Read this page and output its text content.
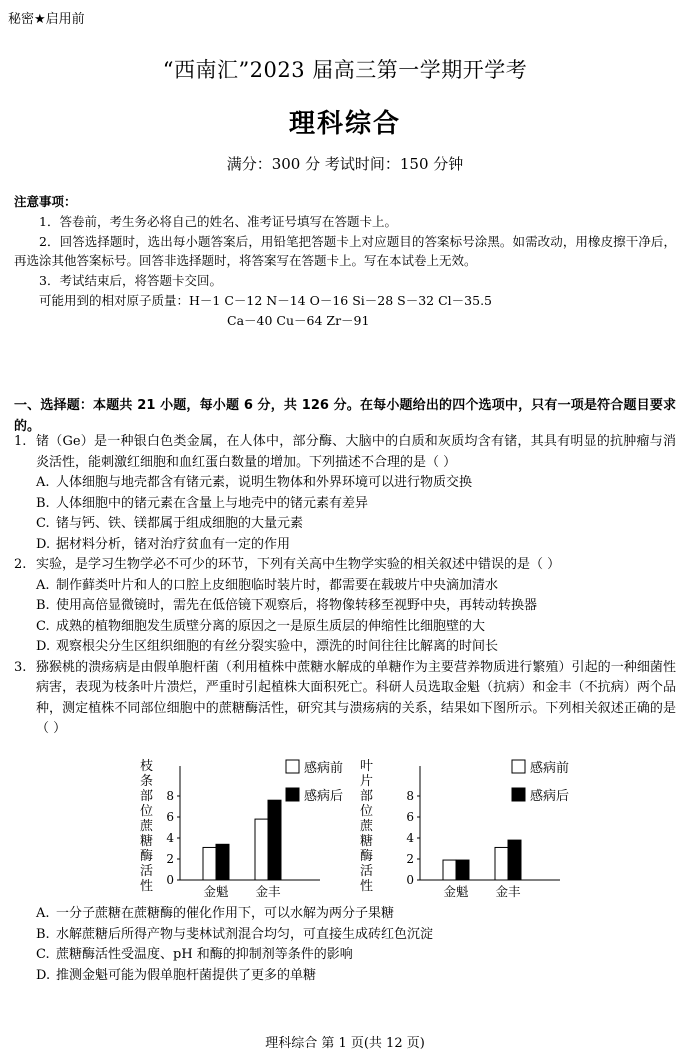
秘密★启用前
“西南汇”2023 届高三第一学期开学考
理科综合
满分：300 分 考试时间：150 分钟
注意事项：

1．答卷前，考生务必将自己的姓名、准考证号填写在答题卡上。

2．回答选择题时，选出每小题答案后，用铅笔把答题卡上对应题目的答案标号涂黑。如需改动，用橡皮擦干净后，再选涂其他答案标号。回答非选择题时，将答案写在答题卡上。写在本试卷上无效。

3．考试结束后，将答题卡交回。

可能用到的相对原子质量：H－1 C－12 N－14 O－16 Si－28 S－32 Cl－35.5

Ca－40 Cu－64 Zr－91

一、选择题：本题共 21 小题，每小题 6 分，共 126 分。在每小题给出的四个选项中，只有一项是符合题目要求的。
1. 锗（Ge）是一种银白色类金属，在人体中，部分酶、大脑中的白质和灰质均含有锗，其具有明显的抗肿瘤与消炎活性，能刺激红细胞和血红蛋白数量的增加。下列描述不合理的是（ ）
A. 人体细胞与地壳都含有锗元素，说明生物体和外界环境可以进行物质交换
B. 人体细胞中的锗元素在含量上与地壳中的锗元素有差异
C. 锗与钙、铁、镁都属于组成细胞的大量元素
D. 据材料分析，锗对治疗贫血有一定的作用
2. 实验，是学习生物学必不可少的环节，下列有关高中生物学实验的相关叙述中错误的是（ ）
A. 制作藓类叶片和人的口腔上皮细胞临时装片时，都需要在载玻片中央滴加清水
B. 使用高倍显微镜时，需先在低倍镜下观察后，将物像转移至视野中央，再转动转换器
C. 成熟的植物细胞发生质壁分离的原因之一是原生质层的伸缩性比细胞壁的大
D. 观察根尖分生区组织细胞的有丝分裂实验中，漂洗的时间往往比解离的时间长
3. 猕猴桃的溃疡病是由假单胞杆菌（利用植株中蔗糖水解成的单糖作为主要营养物质进行繁殖）引起的一种细菌性病害，表现为枝条叶片溃烂，严重时引起植株大面积死亡。科研人员选取金魁（抗病）和金丰（不抗病）两个品种，测定植株不同部位细胞中的蔗糖酶活性，研究其与溃疡病的关系，结果如下图所示。下列相关叙述正确的是（ ）
枝
条
部
位
蔗
糖
酶
活
性 0
2
4
6
8
金魁 金丰
感病前
感病后
叶
片
部
位
蔗
糖
酶
活
性	0
2
4
6
8
金魁 金丰
感病前
感病后
A. 一分子蔗糖在蔗糖酶的催化作用下，可以水解为两分子果糖
B. 水解蔗糖后所得产物与斐林试剂混合均匀，可直接生成砖红色沉淀
C. 蔗糖酶活性受温度、pH 和酶的抑制剂等条件的影响
D. 推测金魁可能为假单胞杆菌提供了更多的单糖
理科综合 第 1 页(共 12 页)
